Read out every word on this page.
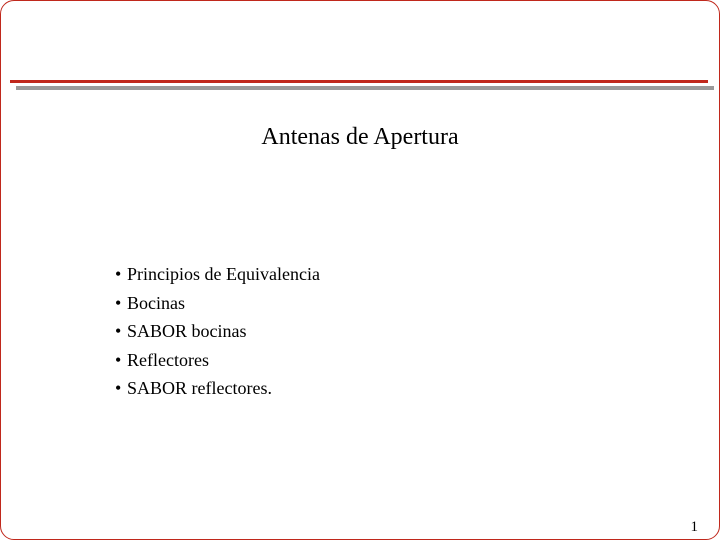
Antenas de Apertura
• Principios de Equivalencia
• Bocinas
• SABOR bocinas
• Reflectores
• SABOR reflectores.
1
